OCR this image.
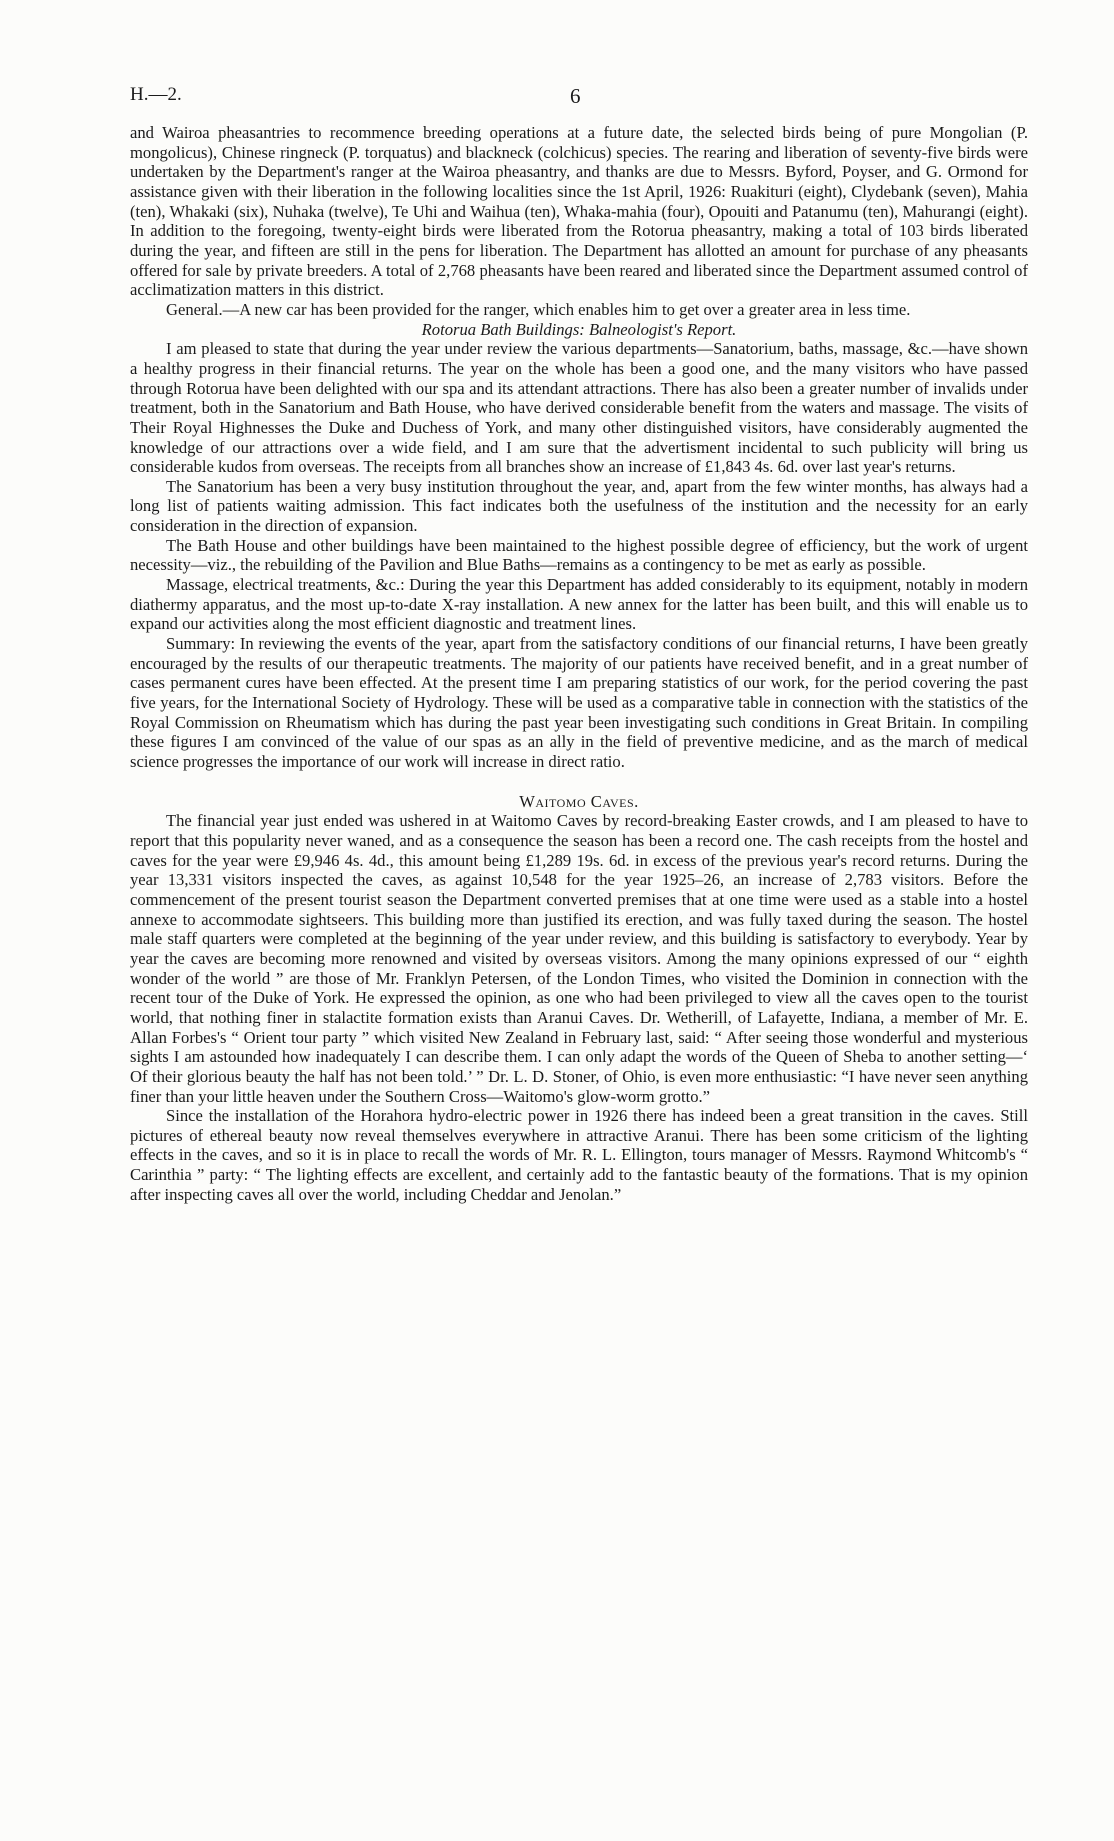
H.—2.	6

and Wairoa pheasantries to recommence breeding operations at a future date, the selected birds being of pure Mongolian (P. mongolicus), Chinese ringneck (P. torquatus) and blackneck (colchicus) species. The rearing and liberation of seventy-five birds were undertaken by the Department's ranger at the Wairoa pheasantry, and thanks are due to Messrs. Byford, Poyser, and G. Ormond for assistance given with their liberation in the following localities since the 1st April, 1926: Ruakituri (eight), Clydebank (seven), Mahia (ten), Whakaki (six), Nuhaka (twelve), Te Uhi and Waihua (ten), Whaka-mahia (four), Opouiti and Patanumu (ten), Mahurangi (eight). In addition to the foregoing, twenty-eight birds were liberated from the Rotorua pheasantry, making a total of 103 birds liberated during the year, and fifteen are still in the pens for liberation. The Department has allotted an amount for purchase of any pheasants offered for sale by private breeders. A total of 2,768 pheasants have been reared and liberated since the Department assumed control of acclimatization matters in this district.

General.—A new car has been provided for the ranger, which enables him to get over a greater area in less time.

Rotorua Bath Buildings: Balneologist's Report.

I am pleased to state that during the year under review the various departments—Sanatorium, baths, massage, &c.—have shown a healthy progress in their financial returns. The year on the whole has been a good one, and the many visitors who have passed through Rotorua have been delighted with our spa and its attendant attractions. There has also been a greater number of invalids under treatment, both in the Sanatorium and Bath House, who have derived considerable benefit from the waters and massage. The visits of Their Royal Highnesses the Duke and Duchess of York, and many other distinguished visitors, have considerably augmented the knowledge of our attractions over a wide field, and I am sure that the advertisment incidental to such publicity will bring us considerable kudos from overseas. The receipts from all branches show an increase of £1,843 4s. 6d. over last year's returns.

The Sanatorium has been a very busy institution throughout the year, and, apart from the few winter months, has always had a long list of patients waiting admission. This fact indicates both the usefulness of the institution and the necessity for an early consideration in the direction of expansion.

The Bath House and other buildings have been maintained to the highest possible degree of efficiency, but the work of urgent necessity—viz., the rebuilding of the Pavilion and Blue Baths—remains as a contingency to be met as early as possible.

Massage, electrical treatments, &c.: During the year this Department has added considerably to its equipment, notably in modern diathermy apparatus, and the most up-to-date X-ray installation. A new annex for the latter has been built, and this will enable us to expand our activities along the most efficient diagnostic and treatment lines.

Summary: In reviewing the events of the year, apart from the satisfactory conditions of our financial returns, I have been greatly encouraged by the results of our therapeutic treatments. The majority of our patients have received benefit, and in a great number of cases permanent cures have been effected. At the present time I am preparing statistics of our work, for the period covering the past five years, for the International Society of Hydrology. These will be used as a comparative table in connection with the statistics of the Royal Commission on Rheumatism which has during the past year been investigating such conditions in Great Britain. In compiling these figures I am convinced of the value of our spas as an ally in the field of preventive medicine, and as the march of medical science progresses the importance of our work will increase in direct ratio.

Waitomo Caves.

The financial year just ended was ushered in at Waitomo Caves by record-breaking Easter crowds, and I am pleased to have to report that this popularity never waned, and as a consequence the season has been a record one. The cash receipts from the hostel and caves for the year were £9,946 4s. 4d., this amount being £1,289 19s. 6d. in excess of the previous year's record returns. During the year 13,331 visitors inspected the caves, as against 10,548 for the year 1925–26, an increase of 2,783 visitors. Before the commencement of the present tourist season the Department converted premises that at one time were used as a stable into a hostel annexe to accommodate sightseers. This building more than justified its erection, and was fully taxed during the season. The hostel male staff quarters were completed at the beginning of the year under review, and this building is satisfactory to everybody. Year by year the caves are becoming more renowned and visited by overseas visitors. Among the many opinions expressed of our “ eighth wonder of the world ” are those of Mr. Franklyn Petersen, of the London Times, who visited the Dominion in connection with the recent tour of the Duke of York. He expressed the opinion, as one who had been privileged to view all the caves open to the tourist world, that nothing finer in stalactite formation exists than Aranui Caves. Dr. Wetherill, of Lafayette, Indiana, a member of Mr. E. Allan Forbes's “ Orient tour party ” which visited New Zealand in February last, said: “ After seeing those wonderful and mysterious sights I am astounded how inadequately I can describe them. I can only adapt the words of the Queen of Sheba to another setting—‘ Of their glorious beauty the half has not been told.’ ” Dr. L. D. Stoner, of Ohio, is even more enthusiastic: “I have never seen anything finer than your little heaven under the Southern Cross—Waitomo's glow-worm grotto.”

Since the installation of the Horahora hydro-electric power in 1926 there has indeed been a great transition in the caves. Still pictures of ethereal beauty now reveal themselves everywhere in attractive Aranui. There has been some criticism of the lighting effects in the caves, and so it is in place to recall the words of Mr. R. L. Ellington, tours manager of Messrs. Raymond Whitcomb's “ Carinthia ” party: “ The lighting effects are excellent, and certainly add to the fantastic beauty of the formations. That is my opinion after inspecting caves all over the world, including Cheddar and Jenolan.”
